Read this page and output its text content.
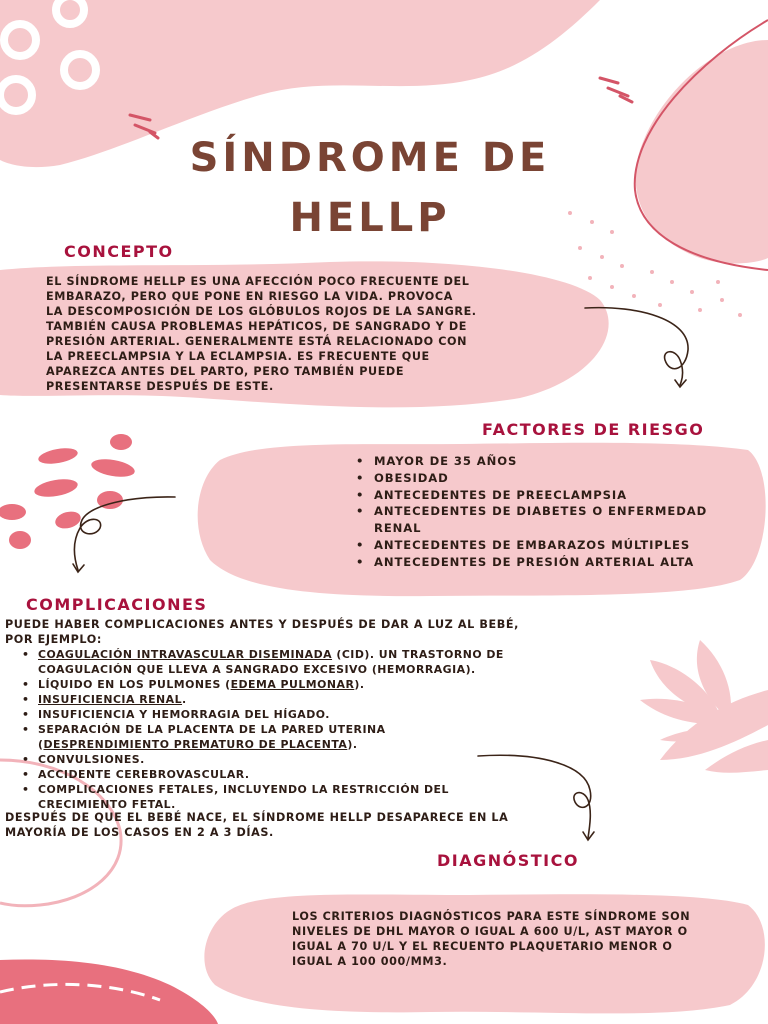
SÍNDROME DE
HELLP
CONCEPTO
EL SÍNDROME HELLP ES UNA AFECCIÓN POCO FRECUENTE DEL
EMBARAZO, PERO QUE PONE EN RIESGO LA VIDA. PROVOCA
LA DESCOMPOSICIÓN DE LOS GLÓBULOS ROJOS DE LA SANGRE.
TAMBIÉN CAUSA PROBLEMAS HEPÁTICOS, DE SANGRADO Y DE
PRESIÓN ARTERIAL. GENERALMENTE ESTÁ RELACIONADO CON
LA PREECLAMPSIA Y LA ECLAMPSIA. ES FRECUENTE QUE
APAREZCA ANTES DEL PARTO, PERO TAMBIÉN PUEDE
PRESENTARSE DESPUÉS DE ESTE.
FACTORES DE RIESGO
• MAYOR DE 35 AÑOS
• OBESIDAD
• ANTECEDENTES DE PREECLAMPSIA
• ANTECEDENTES DE DIABETES O ENFERMEDAD RENAL
• ANTECEDENTES DE EMBARAZOS MÚLTIPLES
• ANTECEDENTES DE PRESIÓN ARTERIAL ALTA
COMPLICACIONES
PUEDE HABER COMPLICACIONES ANTES Y DESPUÉS DE DAR A LUZ AL BEBÉ,
POR EJEMPLO:
• COAGULACIÓN INTRAVASCULAR DISEMINADA (CID). UN TRASTORNO DE
COAGULACIÓN QUE LLEVA A SANGRADO EXCESIVO (HEMORRAGIA).
• LÍQUIDO EN LOS PULMONES (EDEMA PULMONAR).
• INSUFICIENCIA RENAL.
• INSUFICIENCIA Y HEMORRAGIA DEL HÍGADO.
• SEPARACIÓN DE LA PLACENTA DE LA PARED UTERINA
(DESPRENDIMIENTO PREMATURO DE PLACENTA).
• CONVULSIONES.
• ACCIDENTE CEREBROVASCULAR.
• COMPLICACIONES FETALES, INCLUYENDO LA RESTRICCIÓN DEL
CRECIMIENTO FETAL.
DESPUÉS DE QUE EL BEBÉ NACE, EL SÍNDROME HELLP DESAPARECE EN LA
MAYORÍA DE LOS CASOS EN 2 A 3 DÍAS.
DIAGNÓSTICO
LOS CRITERIOS DIAGNÓSTICOS PARA ESTE SÍNDROME SON
NIVELES DE DHL MAYOR O IGUAL A 600 U/L, AST MAYOR O
IGUAL A 70 U/L Y EL RECUENTO PLAQUETARIO MENOR O
IGUAL A 100 000/MM3.
